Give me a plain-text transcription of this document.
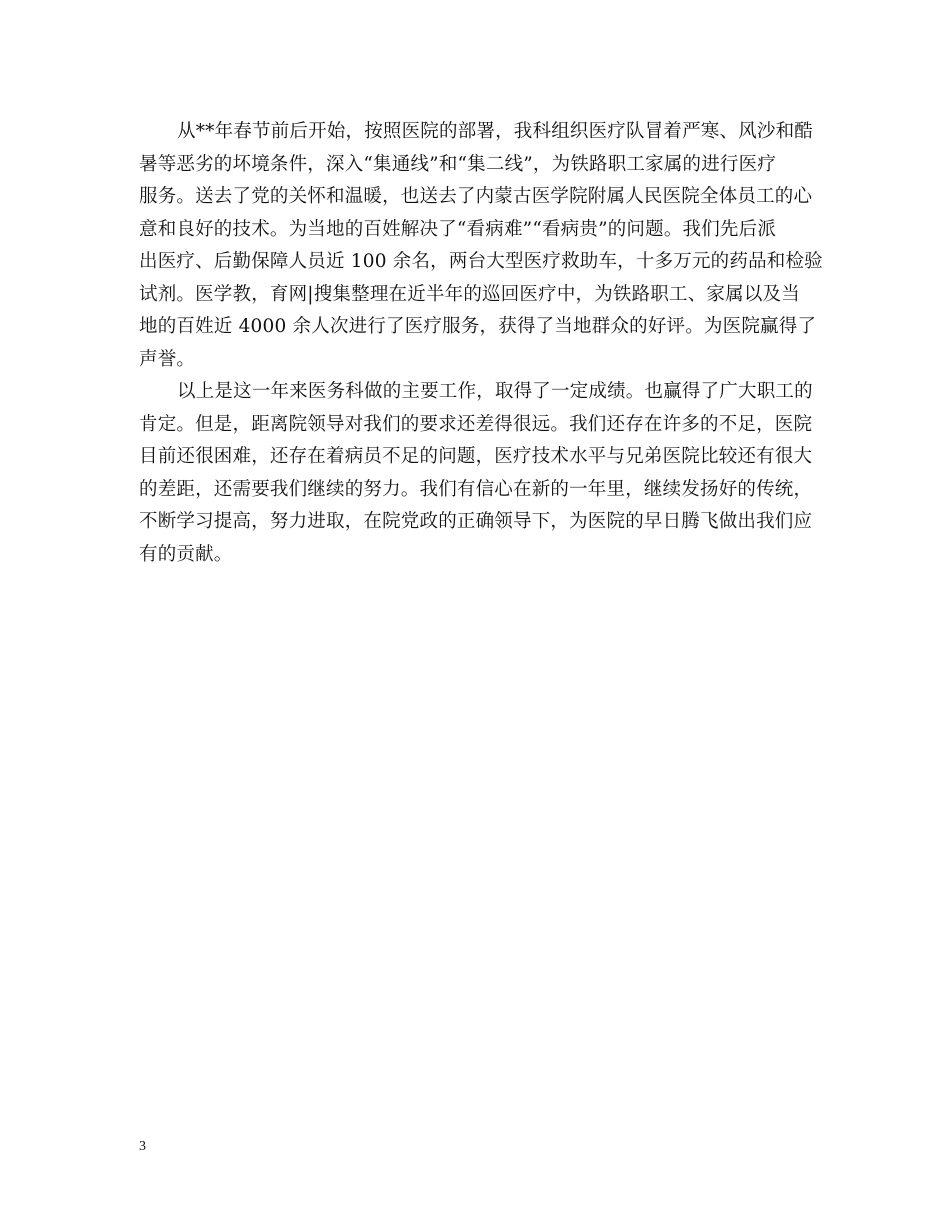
从**年春节前后开始，按照医院的部署，我科组织医疗队冒着严寒、风沙和酷
暑等恶劣的坏境条件，深入“集通线”和“集二线”，为铁路职工家属的进行医疗
服务。送去了党的关怀和温暖，也送去了内蒙古医学院附属人民医院全体员工的心
意和良好的技术。为当地的百姓解决了“看病难”“看病贵”的问题。我们先后派
出医疗、后勤保障人员近 100 余名，两台大型医疗救助车，十多万元的药品和检验
试剂。医学教，育网|搜集整理在近半年的巡回医疗中，为铁路职工、家属以及当
地的百姓近 4000 余人次进行了医疗服务，获得了当地群众的好评。为医院赢得了
声誉。

以上是这一年来医务科做的主要工作，取得了一定成绩。也赢得了广大职工的
肯定。但是，距离院领导对我们的要求还差得很远。我们还存在许多的不足，医院
目前还很困难，还存在着病员不足的问题，医疗技术水平与兄弟医院比较还有很大
的差距，还需要我们继续的努力。我们有信心在新的一年里，继续发扬好的传统，
不断学习提高，努力进取，在院党政的正确领导下，为医院的早日腾飞做出我们应
有的贡献。

3
